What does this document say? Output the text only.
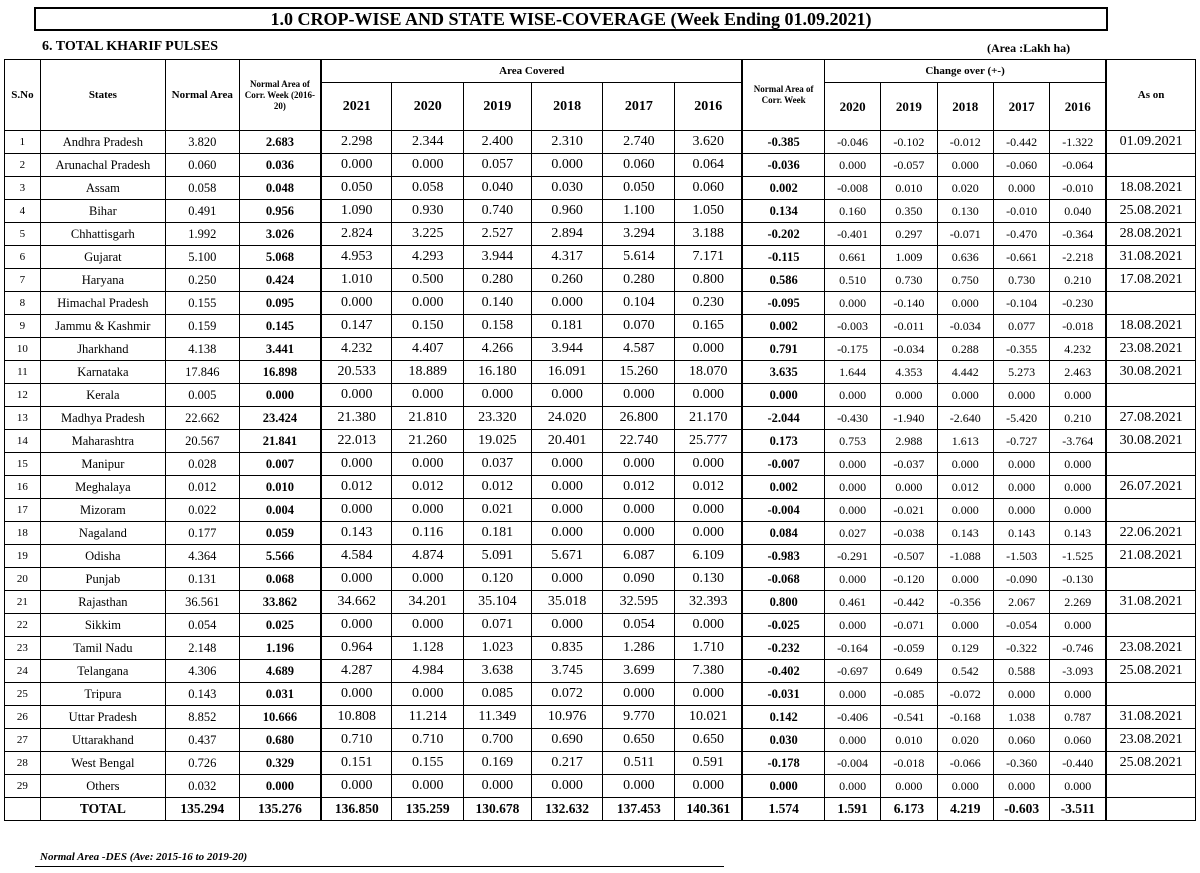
1.0 CROP-WISE AND STATE WISE-COVERAGE (Week Ending 01.09.2021)
6. TOTAL KHARIF PULSES	(Area :Lakh ha)
S.No	States	Normal Area	Normal Area of Corr. Week (2016-20)	Area Covered						Normal Area of Corr. Week	Change over (+-)					As on
				2021	2020	2019	2018	2017	2016		2020	2019	2018	2017	2016	
1	Andhra Pradesh	3.820	2.683	2.298	2.344	2.400	2.310	2.740	3.620	-0.385	-0.046	-0.102	-0.012	-0.442	-1.322	01.09.2021
2	Arunachal Pradesh	0.060	0.036	0.000	0.000	0.057	0.000	0.060	0.064	-0.036	0.000	-0.057	0.000	-0.060	-0.064	
3	Assam	0.058	0.048	0.050	0.058	0.040	0.030	0.050	0.060	0.002	-0.008	0.010	0.020	0.000	-0.010	18.08.2021
4	Bihar	0.491	0.956	1.090	0.930	0.740	0.960	1.100	1.050	0.134	0.160	0.350	0.130	-0.010	0.040	25.08.2021
5	Chhattisgarh	1.992	3.026	2.824	3.225	2.527	2.894	3.294	3.188	-0.202	-0.401	0.297	-0.071	-0.470	-0.364	28.08.2021
6	Gujarat	5.100	5.068	4.953	4.293	3.944	4.317	5.614	7.171	-0.115	0.661	1.009	0.636	-0.661	-2.218	31.08.2021
7	Haryana	0.250	0.424	1.010	0.500	0.280	0.260	0.280	0.800	0.586	0.510	0.730	0.750	0.730	0.210	17.08.2021
8	Himachal Pradesh	0.155	0.095	0.000	0.000	0.140	0.000	0.104	0.230	-0.095	0.000	-0.140	0.000	-0.104	-0.230	
9	Jammu & Kashmir	0.159	0.145	0.147	0.150	0.158	0.181	0.070	0.165	0.002	-0.003	-0.011	-0.034	0.077	-0.018	18.08.2021
10	Jharkhand	4.138	3.441	4.232	4.407	4.266	3.944	4.587	0.000	0.791	-0.175	-0.034	0.288	-0.355	4.232	23.08.2021
11	Karnataka	17.846	16.898	20.533	18.889	16.180	16.091	15.260	18.070	3.635	1.644	4.353	4.442	5.273	2.463	30.08.2021
12	Kerala	0.005	0.000	0.000	0.000	0.000	0.000	0.000	0.000	0.000	0.000	0.000	0.000	0.000	0.000	
13	Madhya Pradesh	22.662	23.424	21.380	21.810	23.320	24.020	26.800	21.170	-2.044	-0.430	-1.940	-2.640	-5.420	0.210	27.08.2021
14	Maharashtra	20.567	21.841	22.013	21.260	19.025	20.401	22.740	25.777	0.173	0.753	2.988	1.613	-0.727	-3.764	30.08.2021
15	Manipur	0.028	0.007	0.000	0.000	0.037	0.000	0.000	0.000	-0.007	0.000	-0.037	0.000	0.000	0.000	
16	Meghalaya	0.012	0.010	0.012	0.012	0.012	0.000	0.012	0.012	0.002	0.000	0.000	0.012	0.000	0.000	26.07.2021
17	Mizoram	0.022	0.004	0.000	0.000	0.021	0.000	0.000	0.000	-0.004	0.000	-0.021	0.000	0.000	0.000	
18	Nagaland	0.177	0.059	0.143	0.116	0.181	0.000	0.000	0.000	0.084	0.027	-0.038	0.143	0.143	0.143	22.06.2021
19	Odisha	4.364	5.566	4.584	4.874	5.091	5.671	6.087	6.109	-0.983	-0.291	-0.507	-1.088	-1.503	-1.525	21.08.2021
20	Punjab	0.131	0.068	0.000	0.000	0.120	0.000	0.090	0.130	-0.068	0.000	-0.120	0.000	-0.090	-0.130	
21	Rajasthan	36.561	33.862	34.662	34.201	35.104	35.018	32.595	32.393	0.800	0.461	-0.442	-0.356	2.067	2.269	31.08.2021
22	Sikkim	0.054	0.025	0.000	0.000	0.071	0.000	0.054	0.000	-0.025	0.000	-0.071	0.000	-0.054	0.000	
23	Tamil Nadu	2.148	1.196	0.964	1.128	1.023	0.835	1.286	1.710	-0.232	-0.164	-0.059	0.129	-0.322	-0.746	23.08.2021
24	Telangana	4.306	4.689	4.287	4.984	3.638	3.745	3.699	7.380	-0.402	-0.697	0.649	0.542	0.588	-3.093	25.08.2021
25	Tripura	0.143	0.031	0.000	0.000	0.085	0.072	0.000	0.000	-0.031	0.000	-0.085	-0.072	0.000	0.000	
26	Uttar Pradesh	8.852	10.666	10.808	11.214	11.349	10.976	9.770	10.021	0.142	-0.406	-0.541	-0.168	1.038	0.787	31.08.2021
27	Uttarakhand	0.437	0.680	0.710	0.710	0.700	0.690	0.650	0.650	0.030	0.000	0.010	0.020	0.060	0.060	23.08.2021
28	West Bengal	0.726	0.329	0.151	0.155	0.169	0.217	0.511	0.591	-0.178	-0.004	-0.018	-0.066	-0.360	-0.440	25.08.2021
29	Others	0.032	0.000	0.000	0.000	0.000	0.000	0.000	0.000	0.000	0.000	0.000	0.000	0.000	0.000	
	TOTAL	135.294	135.276	136.850	135.259	130.678	132.632	137.453	140.361	1.574	1.591	6.173	4.219	-0.603	-3.511	
Normal Area -DES (Ave: 2015-16 to 2019-20)
